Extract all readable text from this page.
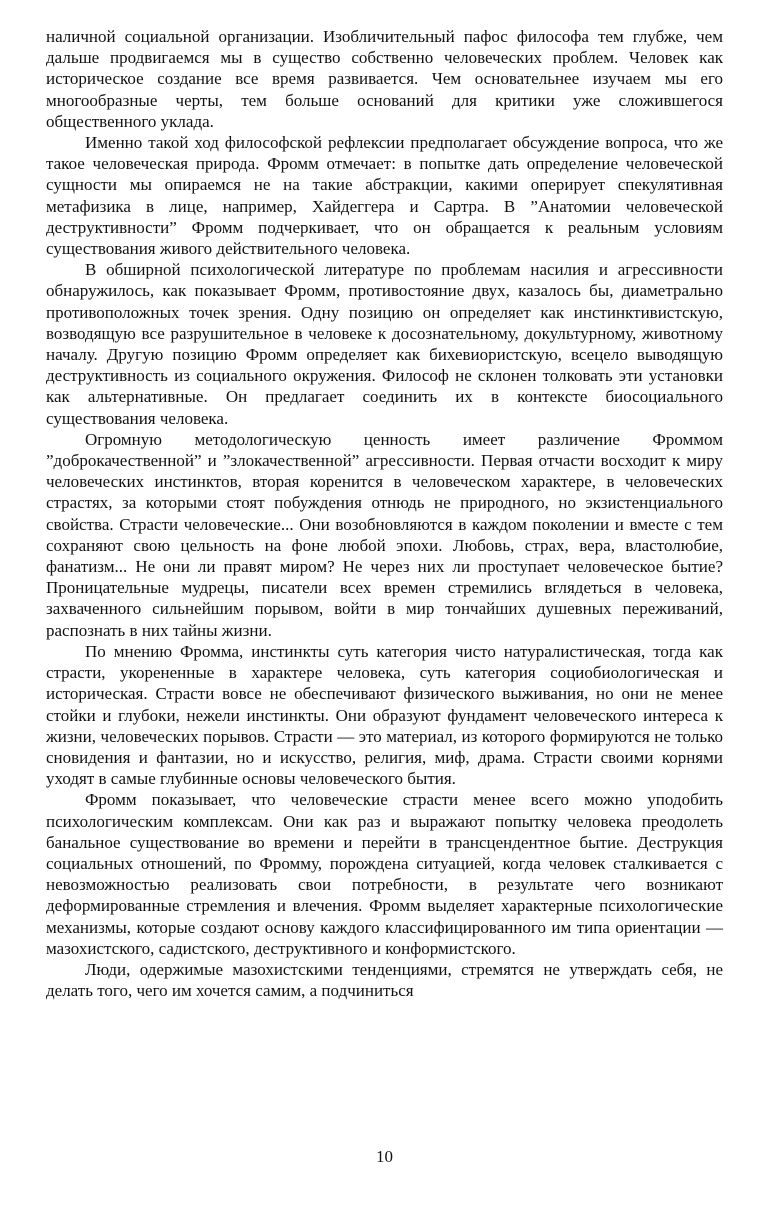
наличной социальной организации. Изобличительный пафос философа тем глубже, чем дальше продвигаемся мы в существо собственно человеческих проблем. Человек как историческое создание все время развивается. Чем основательнее изучаем мы его многообразные черты, тем больше оснований для критики уже сложившегося общественного уклада.

Именно такой ход философской рефлексии предполагает обсуждение вопроса, что же такое человеческая природа. Фромм отмечает: в попытке дать определение человеческой сущности мы опираемся не на такие абстракции, какими оперирует спекулятивная метафизика в лице, например, Хайдеггера и Сартра. В ”Анатомии человеческой деструктивности” Фромм подчеркивает, что он обращается к реальным условиям существования живого действительного человека.

В обширной психологической литературе по проблемам насилия и агрессивности обнаружилось, как показывает Фромм, противостояние двух, казалось бы, диаметрально противоположных точек зрения. Одну позицию он определяет как инстинктивистскую, возводящую все разрушительное в человеке к досознательному, докультурному, животному началу. Другую позицию Фромм определяет как бихевиористскую, всецело выводящую деструктивность из социального окружения. Философ не склонен толковать эти установки как альтернативные. Он предлагает соединить их в контексте биосоциального существования человека.

Огромную методологическую ценность имеет различение Фроммом ”доброкачественной” и ”злокачественной” агрессивности. Первая отчасти восходит к миру человеческих инстинктов, вторая коренится в человеческом характере, в человеческих страстях, за которыми стоят побуждения отнюдь не природного, но экзистенциального свойства. Страсти человеческие... Они возобновляются в каждом поколении и вместе с тем сохраняют свою цельность на фоне любой эпохи. Любовь, страх, вера, властолюбие, фанатизм... Не они ли правят миром? Не через них ли проступает человеческое бытие? Проницательные мудрецы, писатели всех времен стремились вглядеться в человека, захваченного сильнейшим порывом, войти в мир тончайших душевных переживаний, распознать в них тайны жизни.

По мнению Фромма, инстинкты суть категория чисто натуралистическая, тогда как страсти, укорененные в характере человека, суть категория социобиологическая и историческая. Страсти вовсе не обеспечивают физического выживания, но они не менее стойки и глубоки, нежели инстинкты. Они образуют фундамент человеческого интереса к жизни, человеческих порывов. Страсти — это материал, из которого формируются не только сновидения и фантазии, но и искусство, религия, миф, драма. Страсти своими корнями уходят в самые глубинные основы человеческого бытия.

Фромм показывает, что человеческие страсти менее всего можно уподобить психологическим комплексам. Они как раз и выражают попытку человека преодолеть банальное существование во времени и перейти в трансцендентное бытие. Деструкция социальных отношений, по Фромму, порождена ситуацией, когда человек сталкивается с невозможностью реализовать свои потребности, в результате чего возникают деформированные стремления и влечения. Фромм выделяет характерные психологические механизмы, которые создают основу каждого классифицированного им типа ориентации — мазохистского, садистского, деструктивного и конформистского.

Люди, одержимые мазохистскими тенденциями, стремятся не утверждать себя, не делать того, чего им хочется самим, а подчиниться

10
